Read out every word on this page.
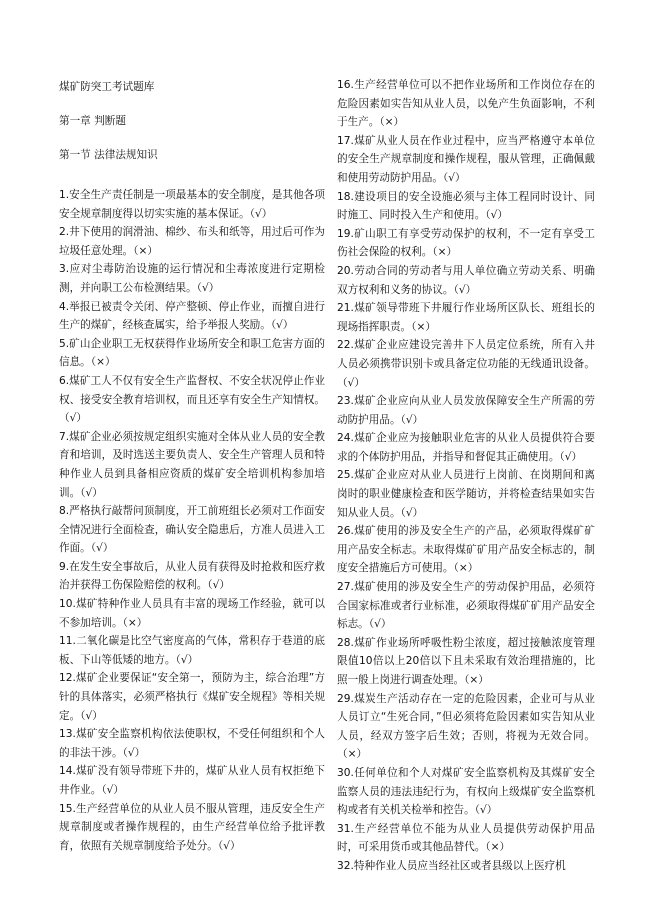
煤矿防突工考试题库

第一章 判断题

第一节 法律法规知识

1.安全生产责任制是一项最基本的安全制度，是其他各项安全规章制度得以切实实施的基本保证。（√）

2.井下使用的润滑油、棉纱、布头和纸等，用过后可作为垃圾任意处理。（×）

3.应对尘毒防治设施的运行情况和尘毒浓度进行定期检测，并向职工公布检测结果。（√）

4.举报已被责令关闭、停产整顿、停止作业，而擅自进行生产的煤矿，经核查属实，给予举报人奖励。（√）

5.矿山企业职工无权获得作业场所安全和职工危害方面的信息。（×）

6.煤矿工人不仅有安全生产监督权、不安全状况停止作业权、接受安全教育培训权，而且还享有安全生产知情权。（√）

7.煤矿企业必须按规定组织实施对全体从业人员的安全教育和培训，及时选送主要负责人、安全生产管理人员和特种作业人员到具备相应资质的煤矿安全培训机构参加培训。（√）

8.严格执行敲帮问顶制度，开工前班组长必须对工作面安全情况进行全面检查，确认安全隐患后，方准人员进入工作面。（√）

9.在发生安全事故后，从业人员有获得及时抢救和医疗救治并获得工伤保险赔偿的权利。（√）

10.煤矿特种作业人员具有丰富的现场工作经验，就可以不参加培训。（×）

11.二氧化碳是比空气密度高的气体，常积存于巷道的底板、下山等低矮的地方。（√）

12.煤矿企业要保证“安全第一，预防为主，综合治理”方针的具体落实，必须严格执行《煤矿安全规程》等相关规定。（√）

13.煤矿安全监察机构依法使职权，不受任何组织和个人的非法干涉。（√）

14.煤矿没有领导带班下井的，煤矿从业人员有权拒绝下井作业。（√）

15.生产经营单位的从业人员不服从管理，违反安全生产规章制度或者操作规程的，由生产经营单位给予批评教育，依照有关规章制度给予处分。（√）

16.生产经营单位可以不把作业场所和工作岗位存在的危险因素如实告知从业人员，以免产生负面影响，不利于生产。（×）

17.煤矿从业人员在作业过程中，应当严格遵守本单位的安全生产规章制度和操作规程，服从管理，正确佩戴和使用劳动防护用品。（√）

18.建设项目的安全设施必须与主体工程同时设计、同时施工、同时投入生产和使用。（√）

19.矿山职工有享受劳动保护的权利，不一定有享受工伤社会保险的权利。（×）

20.劳动合同的劳动者与用人单位确立劳动关系、明确双方权利和义务的协议。（√）

21.煤矿领导带班下井履行作业场所区队长、班组长的现场指挥职责。（×）

22.煤矿企业应建设完善井下人员定位系统，所有入井人员必须携带识别卡或具备定位功能的无线通讯设备。（√）

23.煤矿企业应向从业人员发放保障安全生产所需的劳动防护用品。（√）

24.煤矿企业应为接触职业危害的从业人员提供符合要求的个体防护用品，并指导和督促其正确使用。（√）

25.煤矿企业应对从业人员进行上岗前、在岗期间和离岗时的职业健康检查和医学随访，并将检查结果如实告知从业人员。（√）

26.煤矿使用的涉及安全生产的产品，必须取得煤矿矿用产品安全标志。未取得煤矿矿用产品安全标志的，制度安全措施后方可使用。（×）

27.煤矿使用的涉及安全生产的劳动保护用品，必须符合国家标准或者行业标准，必须取得煤矿矿用产品安全标志。（√）

28.煤矿作业场所呼吸性粉尘浓度，超过接触浓度管理限值10倍以上20倍以下且未采取有效治理措施的，比照一般上岗进行调查处理。（×）

29.煤炭生产活动存在一定的危险因素，企业可与从业人员订立“生死合同，”但必须将危险因素如实告知从业人员，经双方签字后生效；否则，将视为无效合同。（×）

30.任何单位和个人对煤矿安全监察机构及其煤矿安全监察人员的违法违纪行为，有权向上级煤矿安全监察机构或者有关机关检举和控告。（√）

31.生产经营单位不能为从业人员提供劳动保护用品时，可采用货币或其他品替代。（×）

32.特种作业人员应当经社区或者县级以上医疗机
